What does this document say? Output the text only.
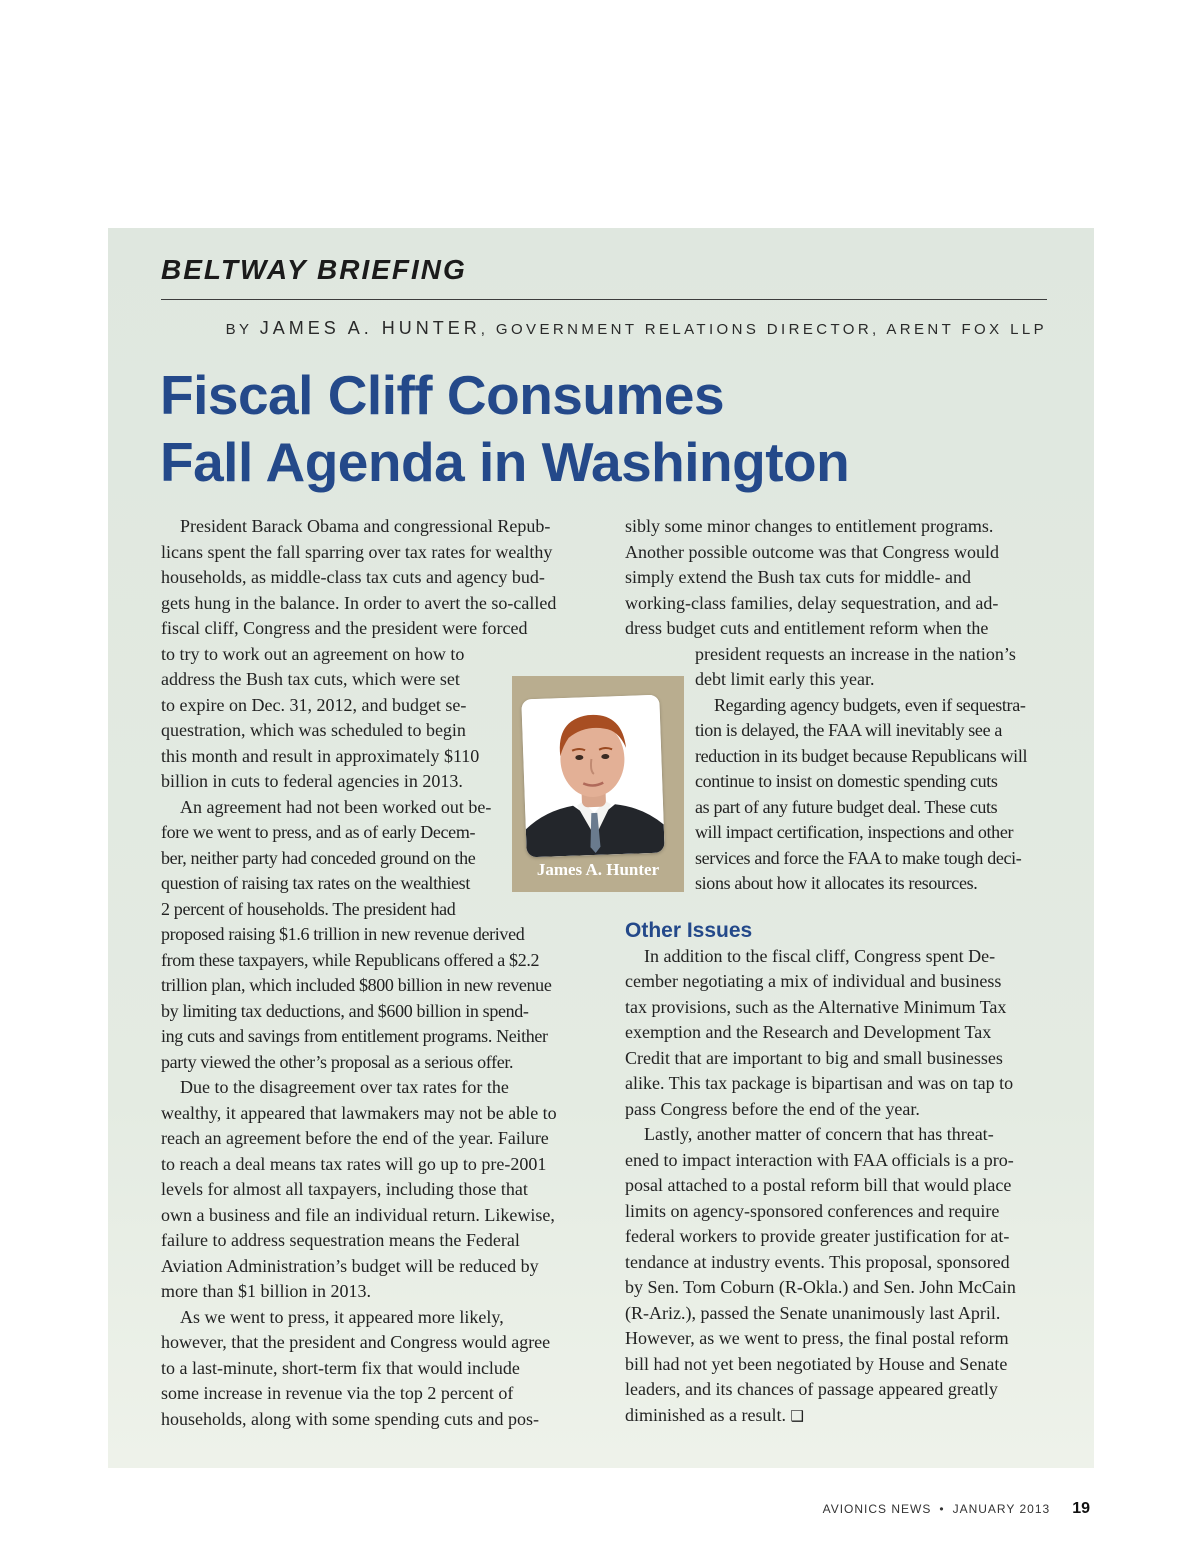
BELTWAY BRIEFING
BY JAMES A. HUNTER, GOVERNMENT RELATIONS DIRECTOR, ARENT FOX LLP
Fiscal Cliff Consumes
Fall Agenda in Washington
James A. Hunter

President Barack Obama and congressional Repub-
licans spent the fall sparring over tax rates for wealthy
households, as middle-class tax cuts and agency bud-
gets hung in the balance. In order to avert the so-called
fiscal cliff, Congress and the president were forced
to try to work out an agreement on how to
address the Bush tax cuts, which were set
to expire on Dec. 31, 2012, and budget se-
questration, which was scheduled to begin
this month and result in approximately $110
billion in cuts to federal agencies in 2013.

An agreement had not been worked out be-
fore we went to press, and as of early Decem-
ber, neither party had conceded ground on the
question of raising tax rates on the wealthiest
2 percent of households. The president had
proposed raising $1.6 trillion in new revenue derived
from these taxpayers, while Republicans offered a $2.2
trillion plan, which included $800 billion in new revenue
by limiting tax deductions, and $600 billion in spend-
ing cuts and savings from entitlement programs. Neither
party viewed the other’s proposal as a serious offer.

Due to the disagreement over tax rates for the
wealthy, it appeared that lawmakers may not be able to
reach an agreement before the end of the year. Failure
to reach a deal means tax rates will go up to pre-2001
levels for almost all taxpayers, including those that
own a business and file an individual return. Likewise,
failure to address sequestration means the Federal
Aviation Administration’s budget will be reduced by
more than $1 billion in 2013.

As we went to press, it appeared more likely,
however, that the president and Congress would agree
to a last-minute, short-term fix that would include
some increase in revenue via the top 2 percent of
households, along with some spending cuts and pos-

sibly some minor changes to entitlement programs.
Another possible outcome was that Congress would
simply extend the Bush tax cuts for middle- and
working-class families, delay sequestration, and ad-
dress budget cuts and entitlement reform when the
president requests an increase in the nation’s
debt limit early this year.

Regarding agency budgets, even if sequestra-
tion is delayed, the FAA will inevitably see a
reduction in its budget because Republicans will
continue to insist on domestic spending cuts
as part of any future budget deal. These cuts
will impact certification, inspections and other
services and force the FAA to make tough deci-
sions about how it allocates its resources.

Other Issues

In addition to the fiscal cliff, Congress spent De-
cember negotiating a mix of individual and business
tax provisions, such as the Alternative Minimum Tax
exemption and the Research and Development Tax
Credit that are important to big and small businesses
alike. This tax package is bipartisan and was on tap to
pass Congress before the end of the year.

Lastly, another matter of concern that has threat-
ened to impact interaction with FAA officials is a pro-
posal attached to a postal reform bill that would place
limits on agency-sponsored conferences and require
federal workers to provide greater justification for at-
tendance at industry events. This proposal, sponsored
by Sen. Tom Coburn (R-Okla.) and Sen. John McCain
(R-Ariz.), passed the Senate unanimously last April.
However, as we went to press, the final postal reform
bill had not yet been negotiated by House and Senate
leaders, and its chances of passage appeared greatly
diminished as a result. ❑

AVIONICS NEWS • JANUARY 2013 19
